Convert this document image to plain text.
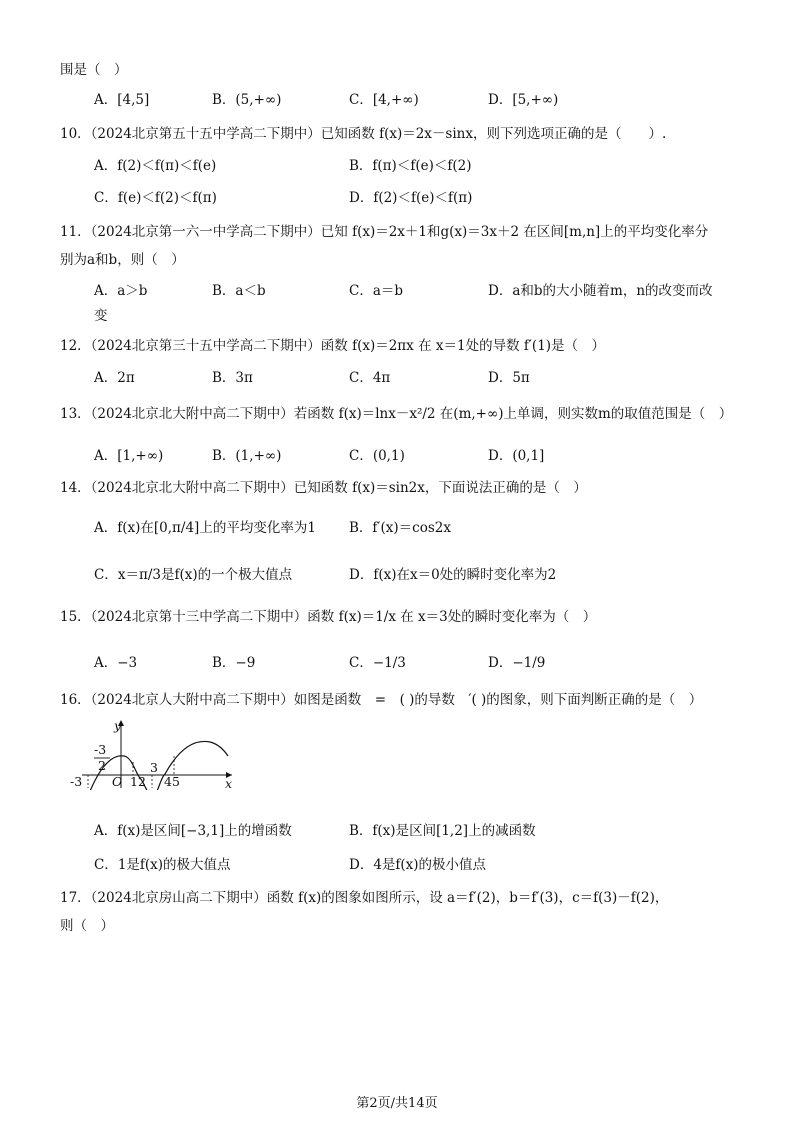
围是（　）
A．[4,5]	B．(5,+∞)	C．[4,+∞)	D．[5,+∞)
10．（2024北京第五十五中学高二下期中）已知函数 f(x)＝2x－sinx，则下列选项正确的是（　　）.
A．f(2)＜f(π)＜f(e)	B．f(π)＜f(e)＜f(2)
C．f(e)＜f(2)＜f(π)	D．f(2)＜f(e)＜f(π)
11．（2024北京第一六一中学高二下期中）已知 f(x)＝2x＋1和g(x)＝3x＋2 在区间[m,n]上的平均变化率分
别为a和b，则（　）
A．a＞b	B．a＜b	C．a＝b	D．a和b的大小随着m，n的改变而改
变
12．（2024北京第三十五中学高二下期中）函数 f(x)＝2πx 在 x＝1处的导数 f′(1)是（　）
A．2π	B．3π	C．4π	D．5π
13．（2024北京北大附中高二下期中）若函数 f(x)＝lnx－x²/2 在(m,+∞)上单调，则实数m的取值范围是（　）
A．[1,+∞)	B．(1,+∞)	C．(0,1)	D．(0,1]
14．（2024北京北大附中高二下期中）已知函数 f(x)＝sin2x，下面说法正确的是（　）
A．f(x)在[0,π/4]上的平均变化率为1 B．f′(x)＝cos2x
C．x＝π/3是f(x)的一个极大值点	D．f(x)在x＝0处的瞬时变化率为2
15．（2024北京第十三中学高二下期中）函数 f(x)＝1/x 在 x＝3处的瞬时变化率为（　）
A．−3	B．−9	C．−1/3	D．−1/9
16．（2024北京人大附中高二下期中）如图是函数　=　( )的导数　′( )的图象，则下面判断正确的是（　）
y
x
-3
-3
2
O 12
3
45
A．f(x)是区间[−3,1]上的增函数	B．f(x)是区间[1,2]上的减函数
C．1是f(x)的极大值点	D．4是f(x)的极小值点
17．（2024北京房山高二下期中）函数 f(x)的图象如图所示，设 a＝f′(2)，b＝f′(3)，c＝f(3)－f(2)，
则（　）
第2页/共14页
